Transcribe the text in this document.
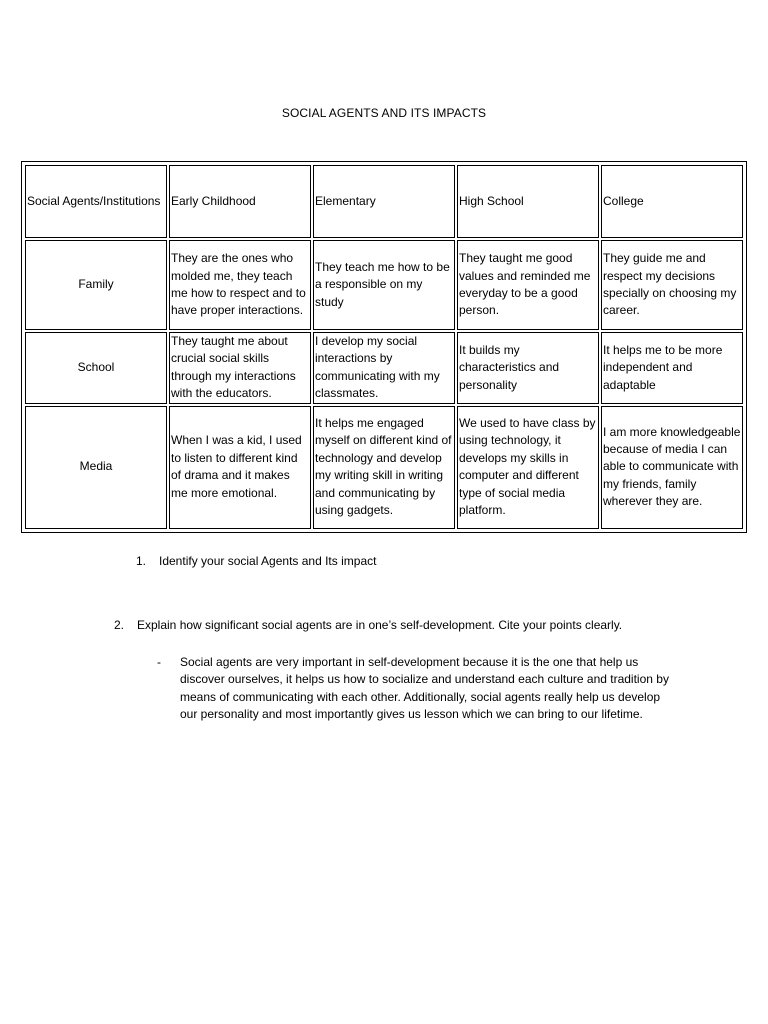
SOCIAL AGENTS AND ITS IMPACTS
Social Agents/Institutions	Early Childhood	Elementary	High School	College
Family	They are the ones who molded me, they teach me how to respect and to have proper interactions.	They teach me how to be a responsible on my study	They taught me good values and reminded me everyday to be a good person.	They guide me and respect my decisions specially on choosing my career.
School	They taught me about crucial social skills through my interactions with the educators.	I develop my social interactions by communicating with my classmates.	It builds my characteristics and personality	It helps me to be more independent and adaptable
Media	When I was a kid, I used to listen to different kind of drama and it makes me more emotional.	It helps me engaged myself on different kind of technology and develop my writing skill in writing and communicating by using gadgets.	We used to have class by using technology, it develops my skills in computer and different type of social media platform.	I am more knowledgeable because of media I can able to communicate with my friends, family wherever they are.
1. Identify your social Agents and Its impact
2. Explain how significant social agents are in one’s self-development. Cite your points clearly.
- Social agents are very important in self-development because it is the one that help us discover ourselves, it helps us how to socialize and understand each culture and tradition by means of communicating with each other. Additionally, social agents really help us develop our personality and most importantly gives us lesson which we can bring to our lifetime.
